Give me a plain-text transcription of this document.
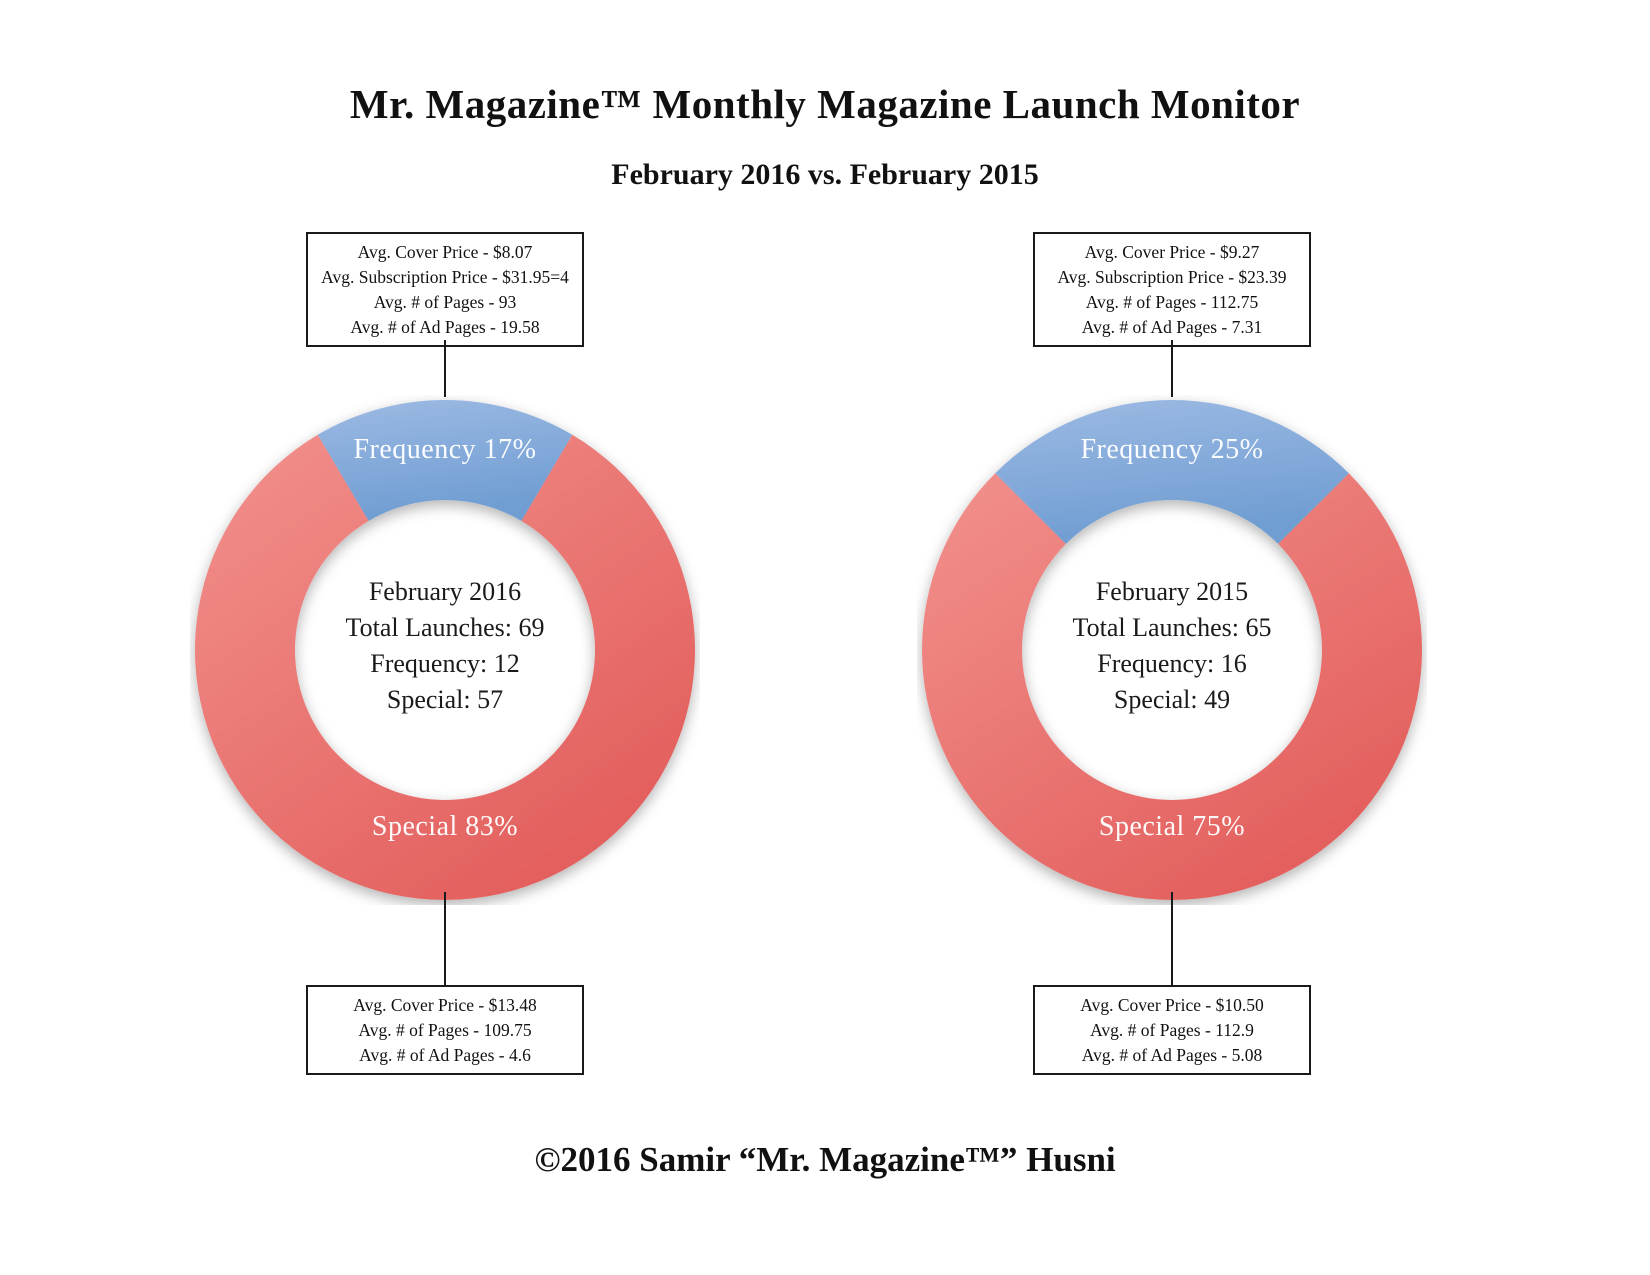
Mr. Magazine™ Monthly Magazine Launch Monitor
February 2016 vs. February 2015
Avg. Cover Price - $8.07
Avg. Subscription Price - $31.95=4
Avg. # of Pages - 93
Avg. # of Ad Pages - 19.58
Frequency 17%
February 2016
Total Launches: 69
Frequency: 12
Special: 57
Special 83%
Avg. Cover Price - $13.48
Avg. # of Pages - 109.75
Avg. # of Ad Pages - 4.6
Avg. Cover Price - $9.27
Avg. Subscription Price - $23.39
Avg. # of Pages - 112.75
Avg. # of Ad Pages - 7.31
Frequency 25%
February 2015
Total Launches: 65
Frequency: 16
Special: 49
Special 75%
Avg. Cover Price - $10.50
Avg. # of Pages - 112.9
Avg. # of Ad Pages - 5.08
©2016 Samir “Mr. Magazine™” Husni
